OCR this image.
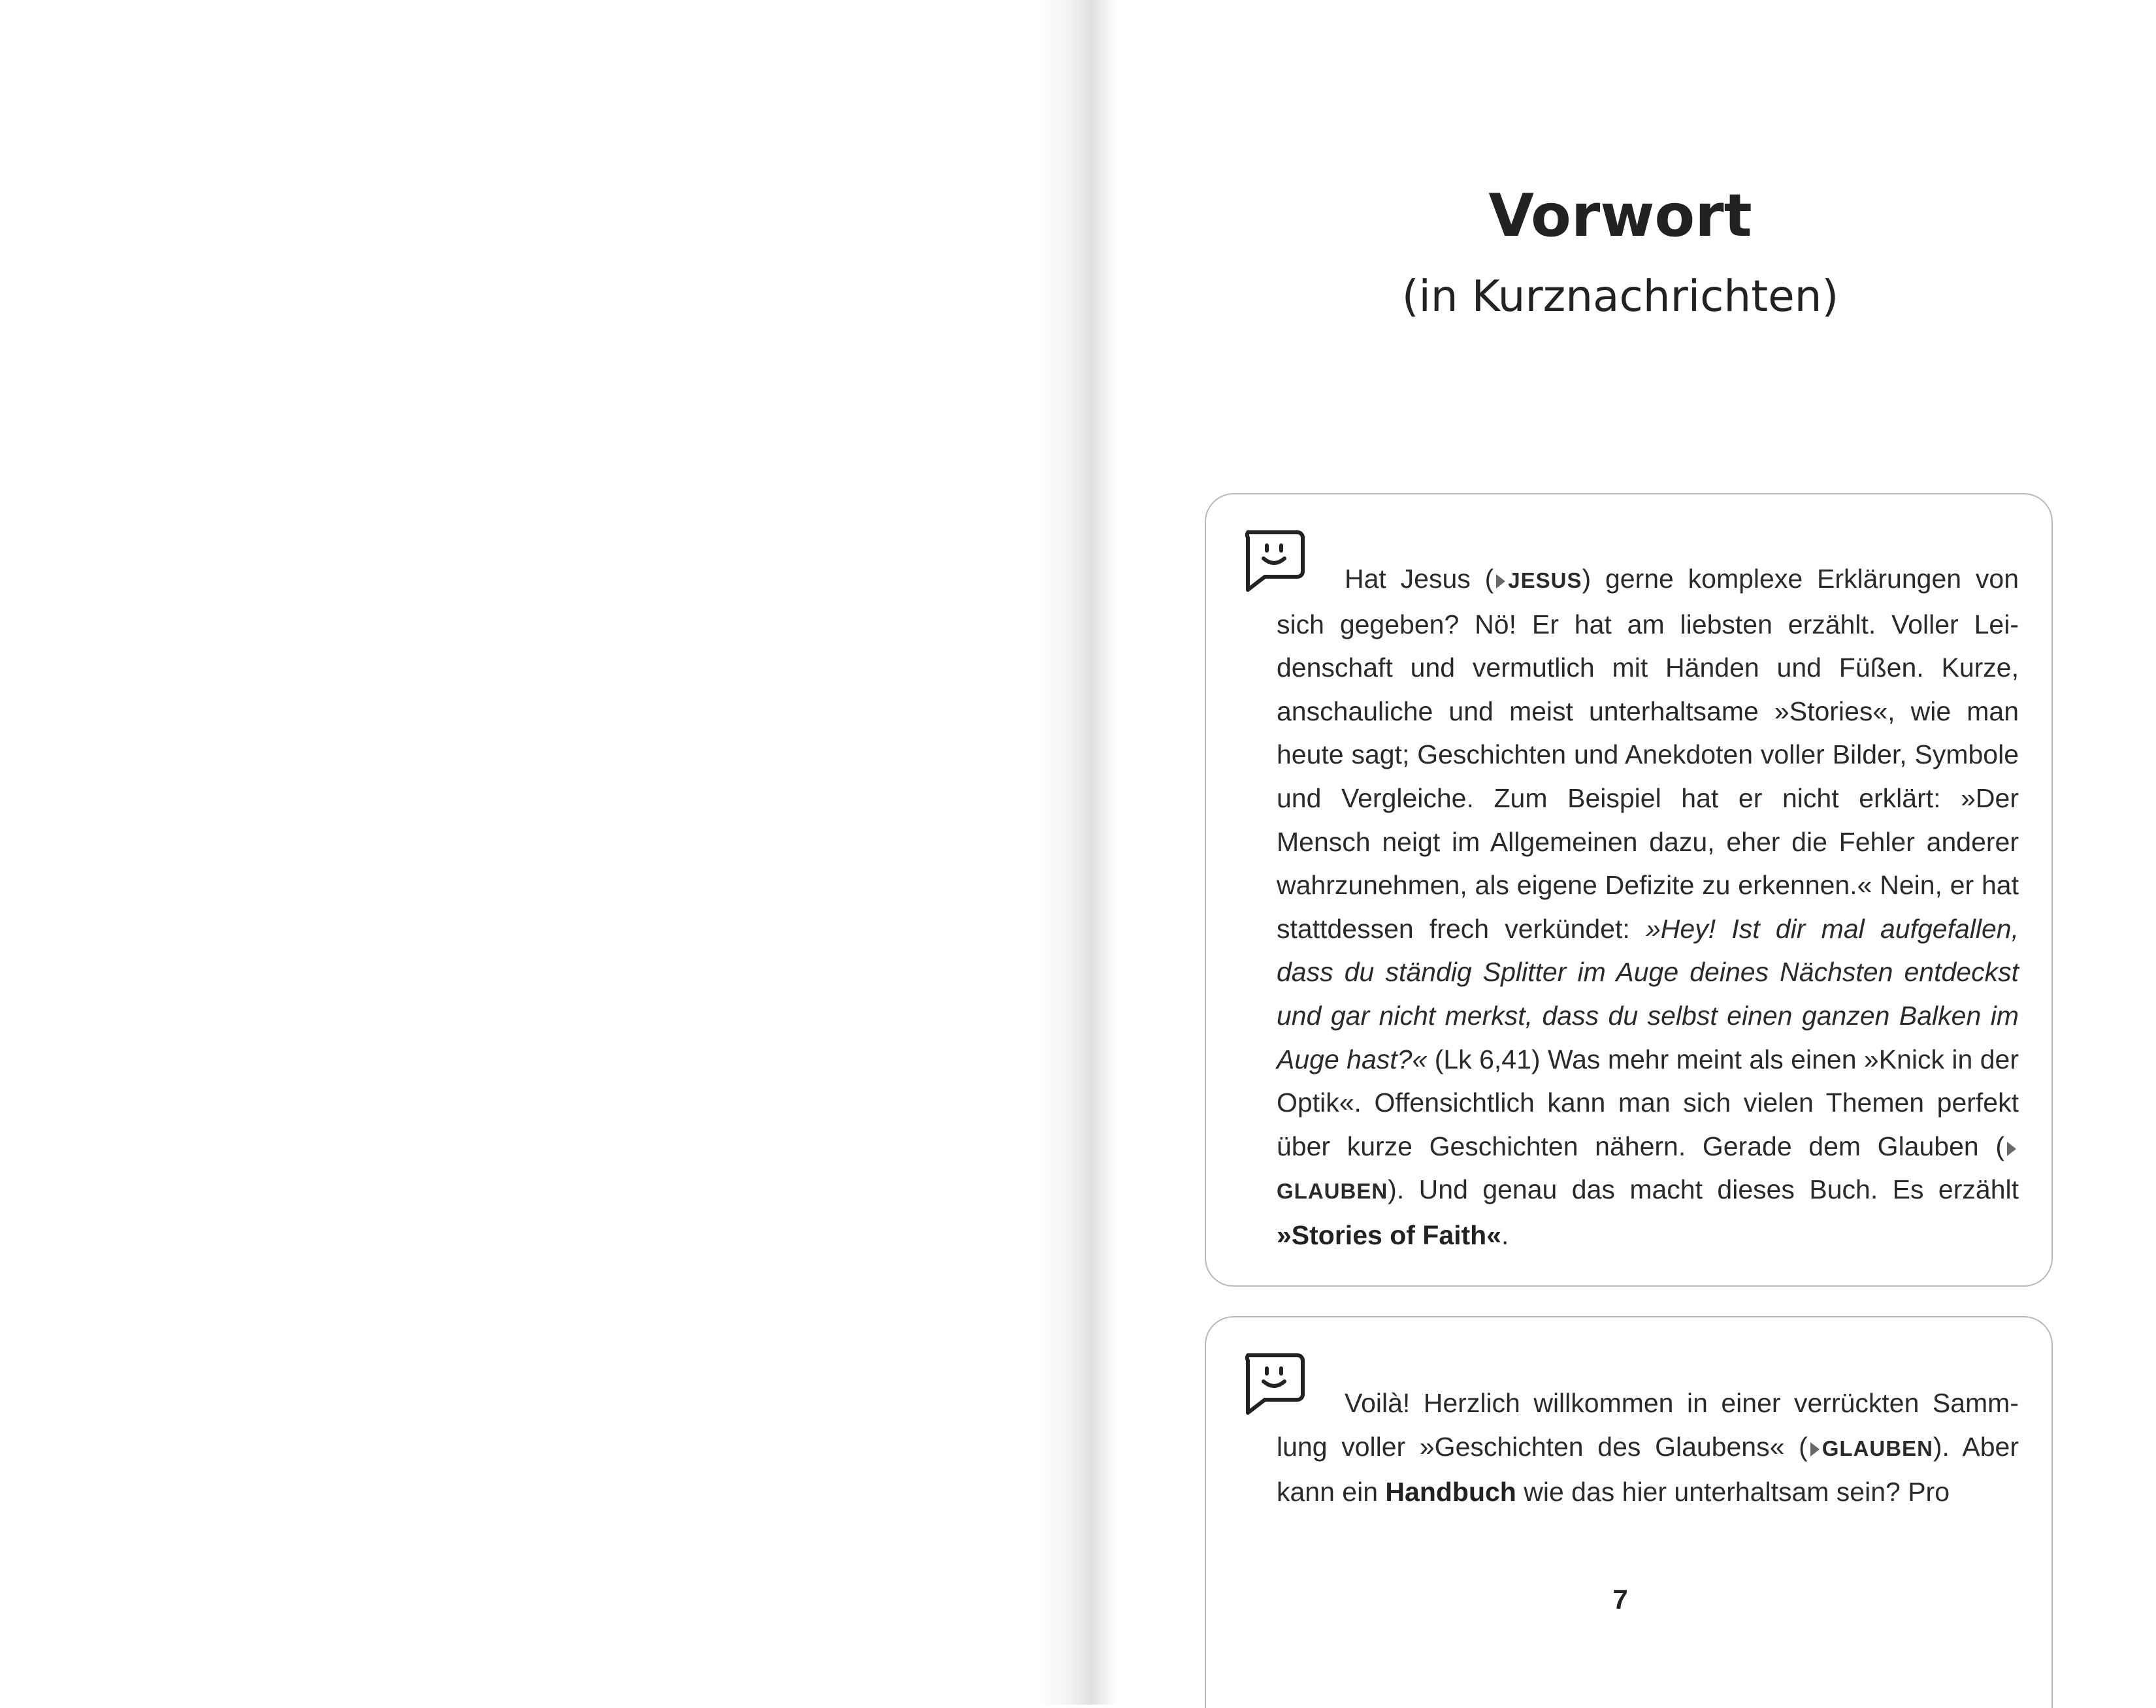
Vorwort
(in Kurznachrichten)

Hat Jesus ( JESUS) gerne komplexe Erklärungen von sich gegeben? Nö! Er hat am liebsten erzählt. Voller Leidenschaft und vermutlich mit Händen und Füßen. Kurze, anschauliche und meist unterhaltsame »Stories«, wie man heute sagt; Geschichten und Anekdoten voller Bilder, Symbole und Vergleiche. Zum Beispiel hat er nicht erklärt: »Der Mensch neigt im Allgemeinen dazu, eher die Fehler anderer wahrzunehmen, als eigene Defizite zu erkennen.« Nein, er hat stattdessen frech verkündet: »Hey! Ist dir mal aufgefallen, dass du ständig Splitter im Auge deines Nächsten entdeckst und gar nicht merkst, dass du selbst einen ganzen Balken im Auge hast?« (Lk 6,41) Was mehr meint als einen »Knick in der Optik«. Offensichtlich kann man sich vielen Themen perfekt über kurze Geschichten nähern. Gerade dem Glauben (GLAUBEN). Und genau das macht dieses Buch. Es erzählt »Stories of Faith«.

Voilà! Herzlich willkommen in einer verrückten Sammlung voller »Geschichten des Glaubens« ( GLAUBEN). Aber kann ein Handbuch wie das hier unterhaltsam sein? Pro

7
